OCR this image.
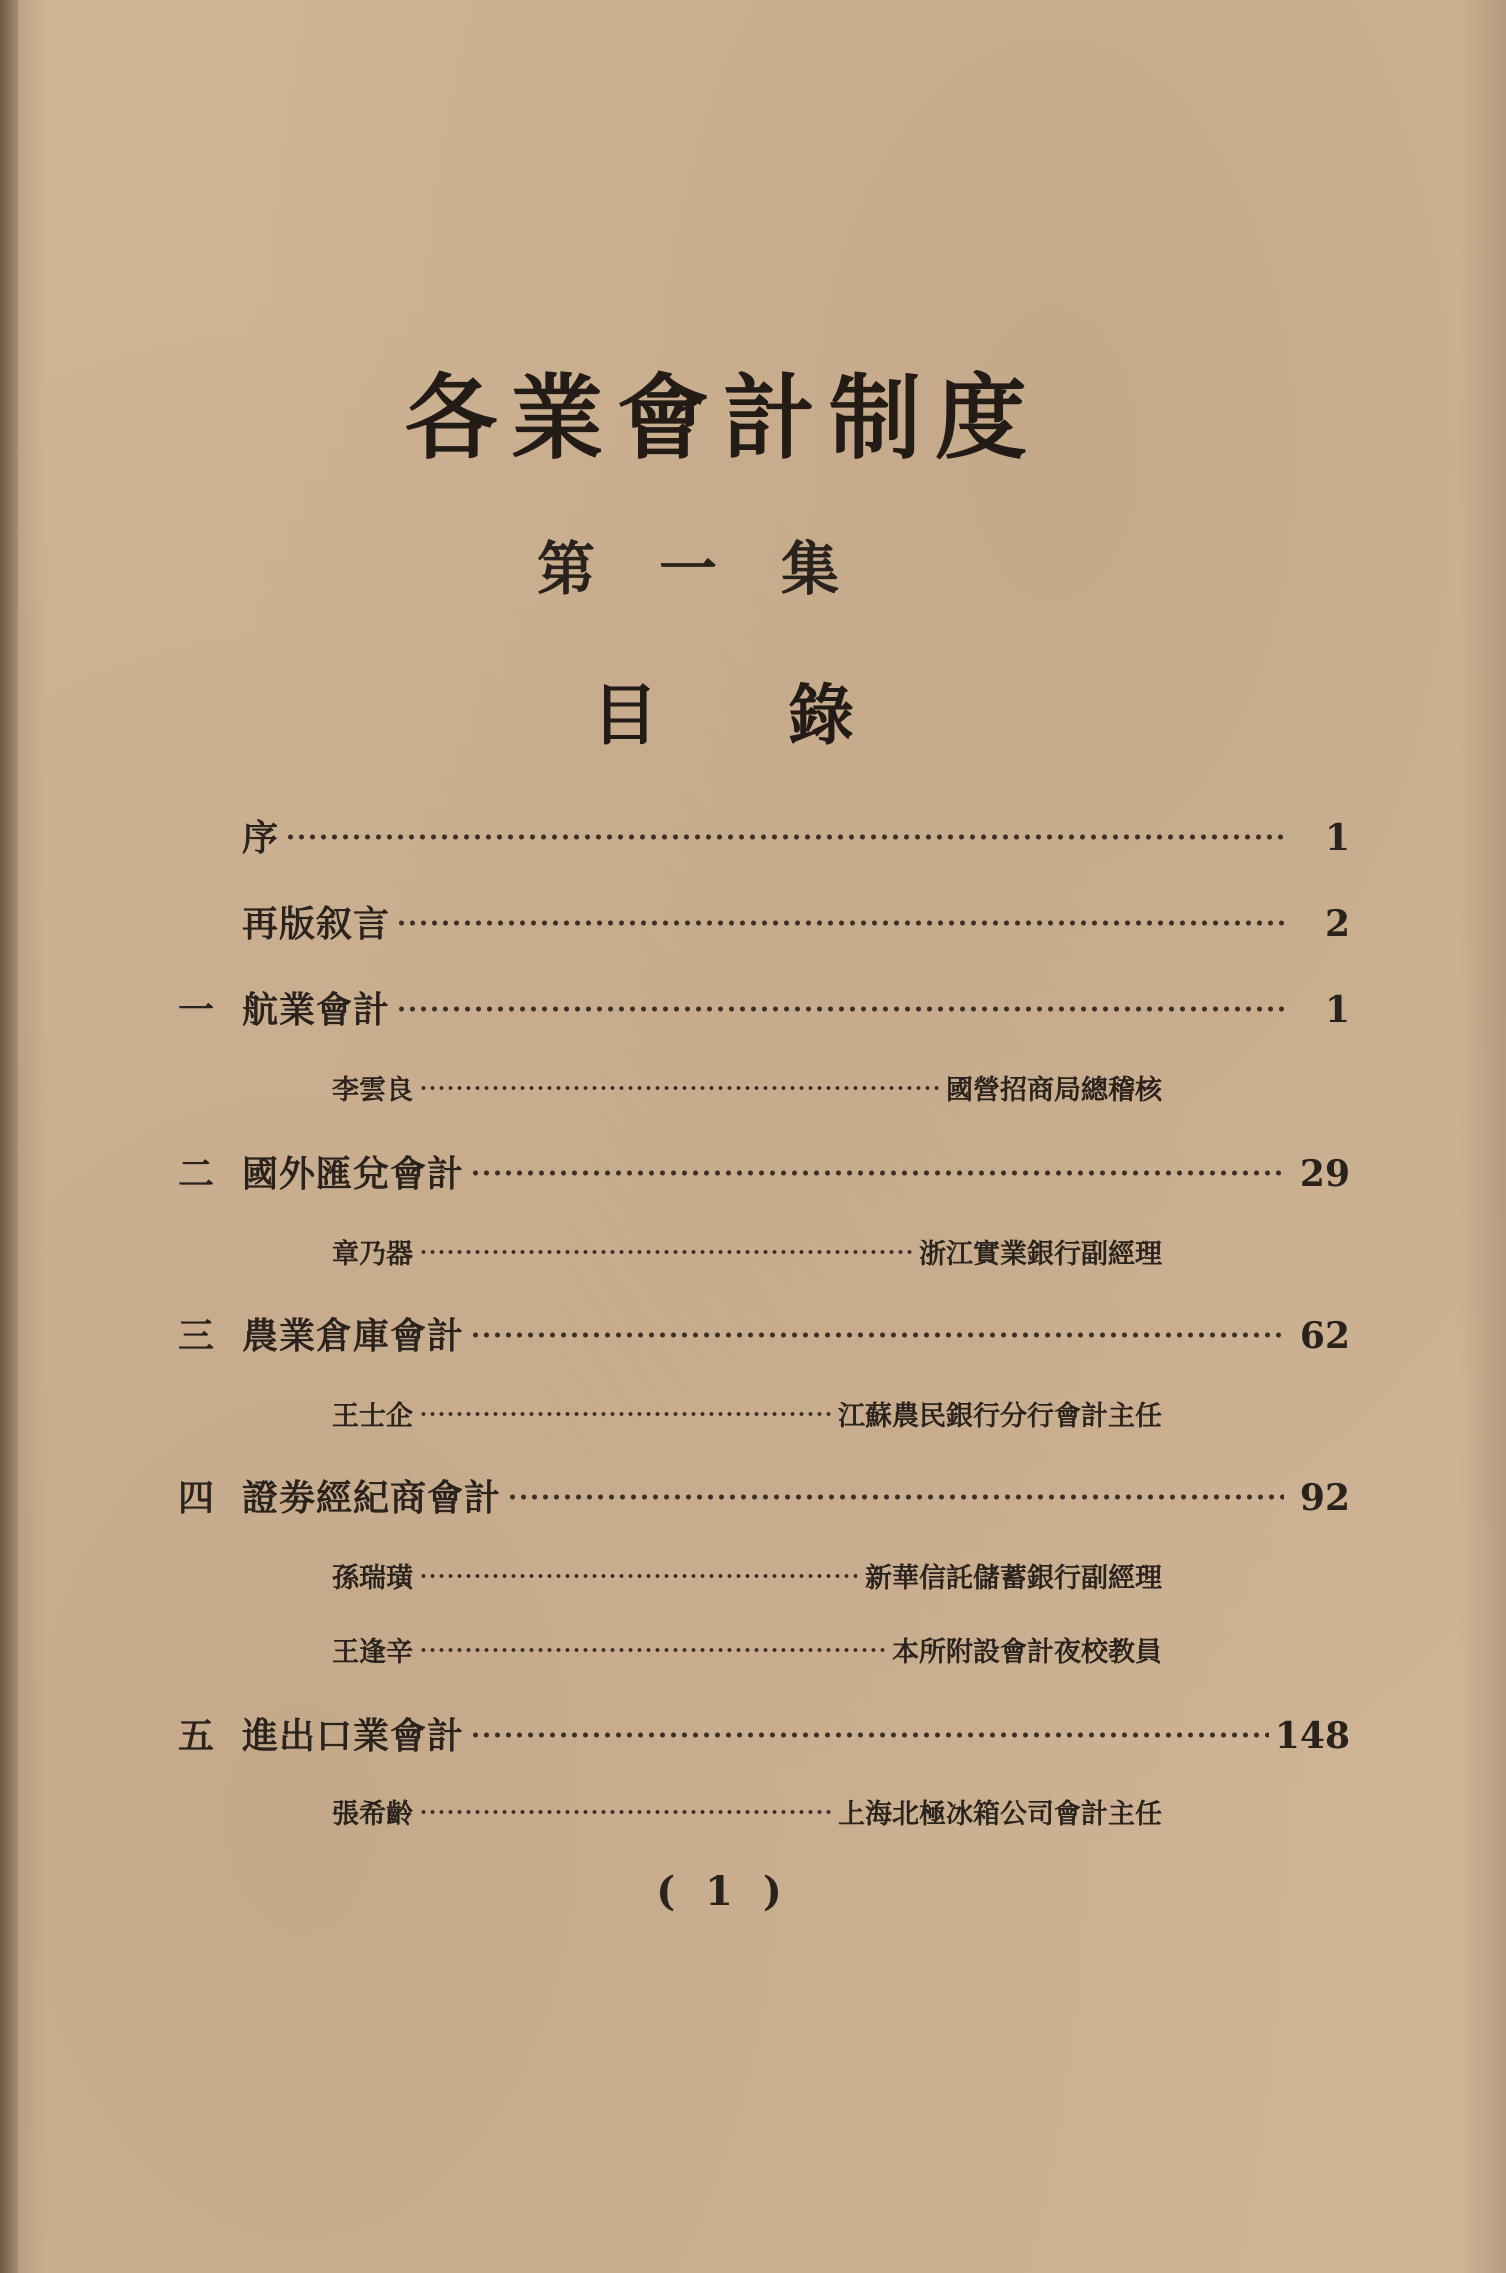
各業會計制度
第一集
目錄
序	1
再版叙言	2
一 航業會計	1
李雲良	國營招商局總稽核
二 國外匯兌會計	29
章乃器	浙江實業銀行副經理
三 農業倉庫會計	62
王士企	江蘇農民銀行分行會計主任
四 證劵經紀商會計	92
孫瑞璜	新華信託儲蓄銀行副經理
王逢辛	本所附設會計夜校教員
五 進出口業會計	148
張希齡	上海北極冰箱公司會計主任
( 1 )
